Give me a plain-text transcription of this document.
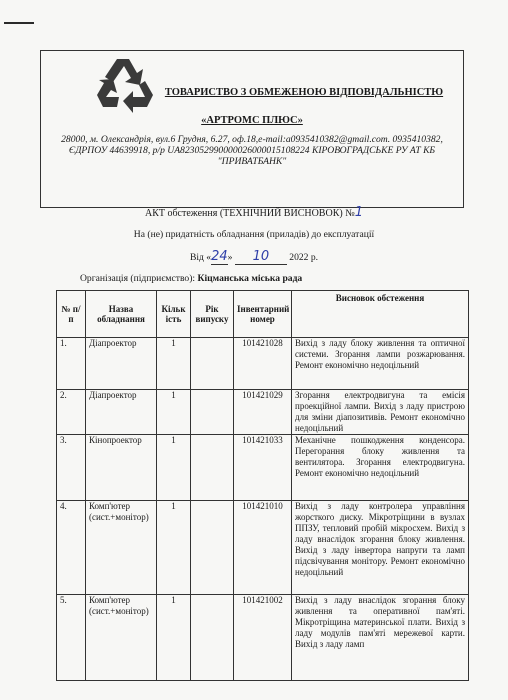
ТОВАРИСТВО З ОБМЕЖЕНОЮ ВІДПОВІДАЛЬНІСТЮ
«АРТРОМС ПЛЮС»
28000, м. Олександрія, вул.6 Грудня, 6.27, оф.18,e-mail:a0935410382@gmail.com. 0935410382, ЄДРПОУ 44639918, р/р UA823052990000026000015108224 КІРОВОГРАДСЬКЕ РУ АТ КБ "ПРИВАТБАНК"
АКТ обстеження (ТЕХНІЧНИЙ ВИСНОВОК) №1
На (не) придатність обладнання (приладів) до експлуатації
Від «24» 10 2022 р.
Організація (підприємство): Кіцманська міська рада
№ п/п	Назва обладнання	Кільк ість	Рік випуску	Інвентарний номер	Висновок обстеження
1.	Діапроектор	1		101421028	Вихід з ладу блоку живлення та оптичної системи. Згорання лампи розжарювання. Ремонт економічно недоцільний
2.	Діапроектор	1		101421029	Згорання електродвигуна та емісія проекційної лампи. Вихід з ладу пристрою для зміни діапозитивів. Ремонт економічно недоцільний
3.	Кінопроектор	1		101421033	Механічне пошкодження конденсора. Перегорання блоку живлення та вентилятора. Згорання електродвигуна. Ремонт економічно недоцільний
4.	Комп'ютер (сист.+монітор)	1		101421010	Вихід з ладу контролера управління жорсткого диску. Мікротріщини в вузлах ППЗУ, тепловий пробій мікросхем. Вихід з ладу внаслідок згорання блоку живлення. Вихід з ладу інвертора напруги та ламп підсвічування монітору. Ремонт економічно недоцільний
5.	Комп'ютер (сист.+монітор)	1		101421002	Вихід з ладу внаслідок згорання блоку живлення та оперативної пам'яті. Мікротріщина материнської плати. Вихід з ладу модулів пам'яті мережевої карти. Вихід з ладу ламп
